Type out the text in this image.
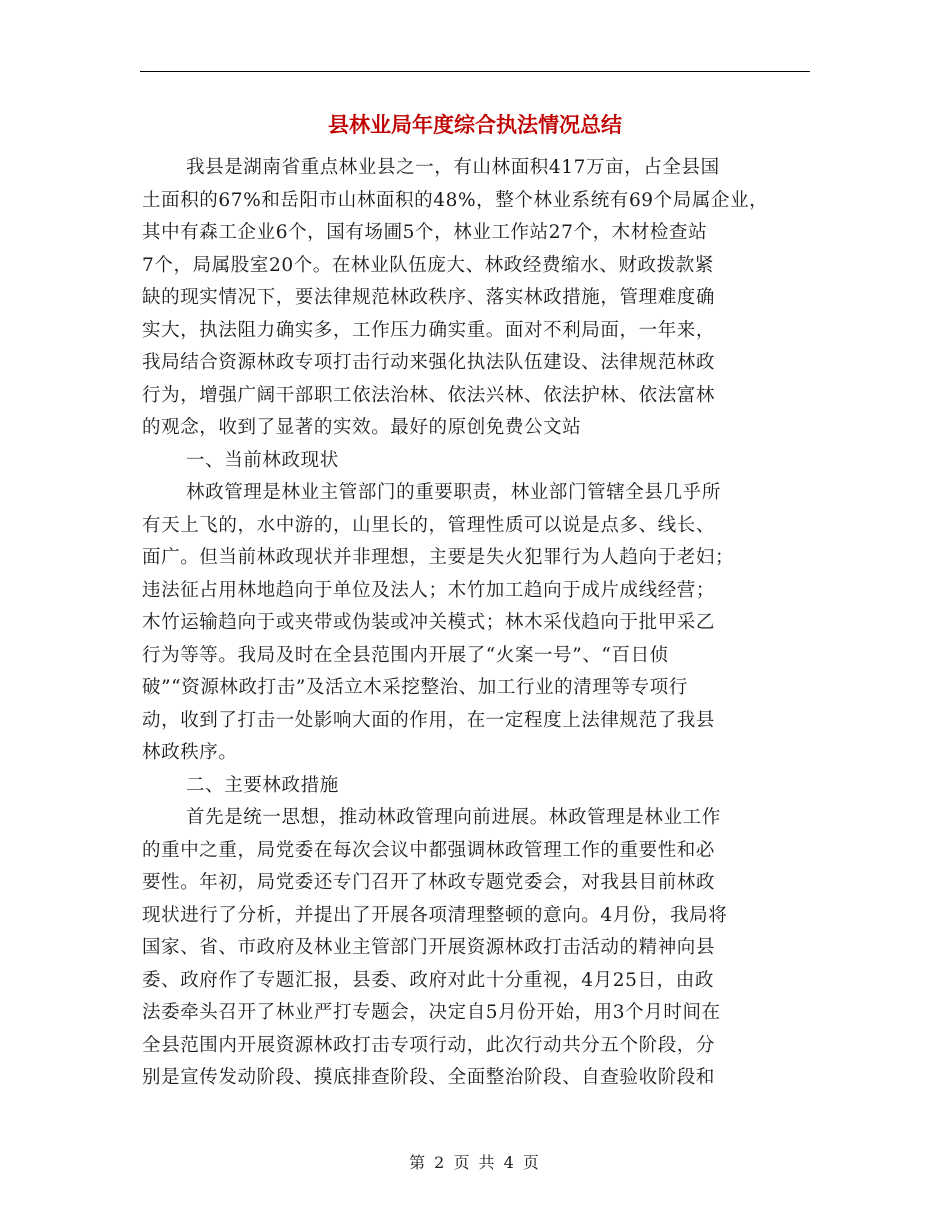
县林业局年度综合执法情况总结
我县是湖南省重点林业县之一，有山林面积417万亩，占全县国
土面积的67%和岳阳市山林面积的48%，整个林业系统有69个局属企业，
其中有森工企业6个，国有场圃5个，林业工作站27个，木材检查站
7个，局属股室20个。在林业队伍庞大、林政经费缩水、财政拨款紧
缺的现实情况下，要法律规范林政秩序、落实林政措施，管理难度确
实大，执法阻力确实多，工作压力确实重。面对不利局面，一年来，
我局结合资源林政专项打击行动来强化执法队伍建设、法律规范林政
行为，增强广阔干部职工依法治林、依法兴林、依法护林、依法富林
的观念，收到了显著的实效。最好的原创免费公文站
一、当前林政现状
林政管理是林业主管部门的重要职责，林业部门管辖全县几乎所
有天上飞的，水中游的，山里长的，管理性质可以说是点多、线长、
面广。但当前林政现状并非理想，主要是失火犯罪行为人趋向于老妇；
违法征占用林地趋向于单位及法人；木竹加工趋向于成片成线经营；
木竹运输趋向于或夹带或伪装或冲关模式；林木采伐趋向于批甲采乙
行为等等。我局及时在全县范围内开展了“火案一号”、“百日侦
破”“资源林政打击”及活立木采挖整治、加工行业的清理等专项行
动，收到了打击一处影响大面的作用，在一定程度上法律规范了我县
林政秩序。
二、主要林政措施
首先是统一思想，推动林政管理向前进展。林政管理是林业工作
的重中之重，局党委在每次会议中都强调林政管理工作的重要性和必
要性。年初，局党委还专门召开了林政专题党委会，对我县目前林政
现状进行了分析，并提出了开展各项清理整顿的意向。4月份，我局将
国家、省、市政府及林业主管部门开展资源林政打击活动的精神向县
委、政府作了专题汇报，县委、政府对此十分重视，4月25日，由政
法委牵头召开了林业严打专题会，决定自5月份开始，用3个月时间在
全县范围内开展资源林政打击专项行动，此次行动共分五个阶段，分
别是宣传发动阶段、摸底排查阶段、全面整治阶段、自查验收阶段和
第 2 页 共 4 页
